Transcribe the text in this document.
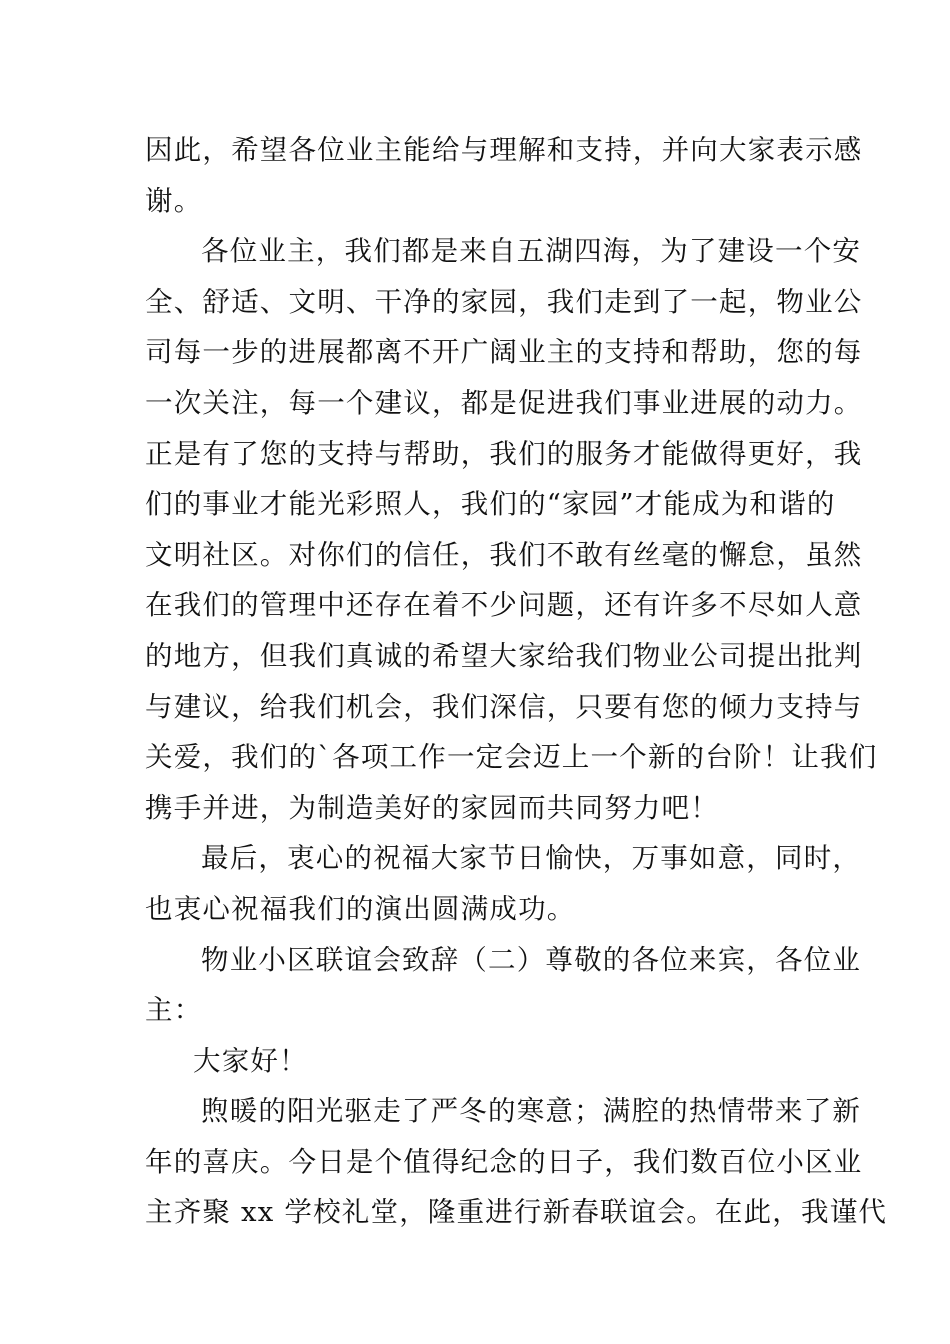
因此，希望各位业主能给与理解和支持，并向大家表示感
谢。
各位业主，我们都是来自五湖四海，为了建设一个安
全、舒适、文明、干净的家园，我们走到了一起，物业公
司每一步的进展都离不开广阔业主的支持和帮助，您的每
一次关注，每一个建议，都是促进我们事业进展的动力。
正是有了您的支持与帮助，我们的服务才能做得更好，我
们的事业才能光彩照人，我们的“家园”才能成为和谐的
文明社区。对你们的信任，我们不敢有丝毫的懈怠，虽然
在我们的管理中还存在着不少问题，还有许多不尽如人意
的地方，但我们真诚的希望大家给我们物业公司提出批判
与建议，给我们机会，我们深信，只要有您的倾力支持与
关爱，我们的`各项工作一定会迈上一个新的台阶！让我们
携手并进，为制造美好的家园而共同努力吧！
最后，衷心的祝福大家节日愉快，万事如意，同时，
也衷心祝福我们的演出圆满成功。
物业小区联谊会致辞（二）尊敬的各位来宾，各位业
主：
大家好！
煦暖的阳光驱走了严冬的寒意；满腔的热情带来了新
年的喜庆。今日是个值得纪念的日子，我们数百位小区业
主齐聚 xx 学校礼堂，隆重进行新春联谊会。在此，我谨代
